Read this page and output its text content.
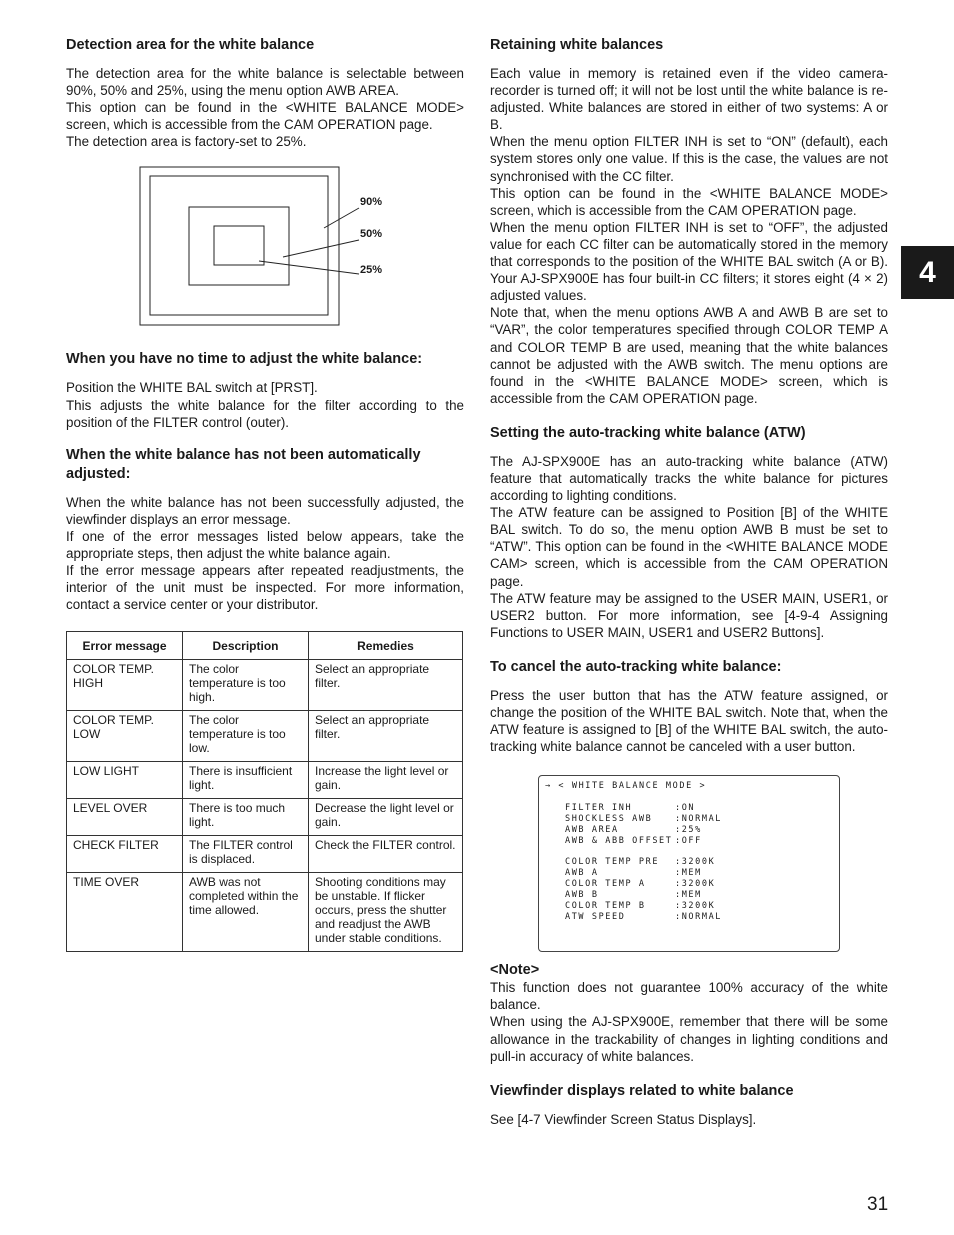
Detection area for the white balance

The detection area for the white balance is selectable between 90%, 50% and 25%, using the menu option AWB AREA.

This option can be found in the <WHITE BALANCE MODE> screen, which is accessible from the CAM OPERATION page.

The detection area is factory-set to 25%.

90%
50%
25%
When you have no time to adjust the white balance:

Position the WHITE BAL switch at [PRST].

This adjusts the white balance for the filter according to the position of the FILTER control (outer).

When the white balance has not been automatically adjusted:

When the white balance has not been successfully adjusted, the viewfinder displays an error message.

If one of the error messages listed below appears, take the appropriate steps, then adjust the white balance again.

If the error message appears after repeated readjustments, the interior of the unit must be inspected. For more information, contact a service center or your distributor.

Error message	Description	Remedies
COLOR TEMP. HIGH	The color temperature is too high.	Select an appropriate filter.
COLOR TEMP. LOW	The color temperature is too low.	Select an appropriate filter.
LOW LIGHT	There is insufficient light.	Increase the light level or gain.
LEVEL OVER	There is too much light.	Decrease the light level or gain.
CHECK FILTER	The FILTER control is displaced.	Check the FILTER control.
TIME OVER	AWB was not completed within the time allowed.	Shooting conditions may be unstable. If flicker occurs, press the shutter and readjust the AWB under stable conditions.
Retaining white balances

Each value in memory is retained even if the video camera-recorder is turned off; it will not be lost until the white balance is re-adjusted. White balances are stored in either of two systems: A or B.

When the menu option FILTER INH is set to “ON” (default), each system stores only one value. If this is the case, the values are not synchronised with the CC filter.

This option can be found in the <WHITE BALANCE MODE> screen, which is accessible from the CAM OPERATION page.

When the menu option FILTER INH is set to “OFF”, the adjusted value for each CC filter can be automatically stored in the memory that corresponds to the position of the WHITE BAL switch (A or B). Your AJ-SPX900E has four built-in CC filters; it stores eight (4 × 2) adjusted values.

Note that, when the menu options AWB A and AWB B are set to “VAR”, the color temperatures specified through COLOR TEMP A and COLOR TEMP B are used, meaning that the white balances cannot be adjusted with the AWB switch. The menu options are found in the <WHITE BALANCE MODE> screen, which is accessible from the CAM OPERATION page.

Setting the auto-tracking white balance (ATW)

The AJ-SPX900E has an auto-tracking white balance (ATW) feature that automatically tracks the white balance for pictures according to lighting conditions.

The ATW feature can be assigned to Position [B] of the WHITE BAL switch. To do so, the menu option AWB B must be set to “ATW”. This option can be found in the <WHITE BALANCE MODE CAM> screen, which is accessible from the CAM OPERATION page.

The ATW feature may be assigned to the USER MAIN, USER1, or USER2 button. For more information, see [4-9-4 Assigning Functions to USER MAIN, USER1 and USER2 Buttons].

To cancel the auto-tracking white balance:

Press the user button that has the ATW feature assigned, or change the position of the WHITE BAL switch. Note that, when the ATW feature is assigned to [B] of the WHITE BAL switch, the auto-tracking white balance cannot be canceled with a user button.

→ < WHITE BALANCE MODE >
FILTER INH	:ON
SHOCKLESS AWB	:NORMAL
AWB AREA	:25%
AWB & ABB OFFSET :OFF
COLOR TEMP PRE :3200K
AWB A	:MEM
COLOR TEMP A	:3200K
AWB B	:MEM
COLOR TEMP B	:3200K
ATW SPEED	:NORMAL
<Note>

This function does not guarantee 100% accuracy of the white balance.

When using the AJ-SPX900E, remember that there will be some allowance in the trackability of changes in lighting conditions and pull-in accuracy of white balances.

Viewfinder displays related to white balance

See [4-7 Viewfinder Screen Status Displays].

4
31
